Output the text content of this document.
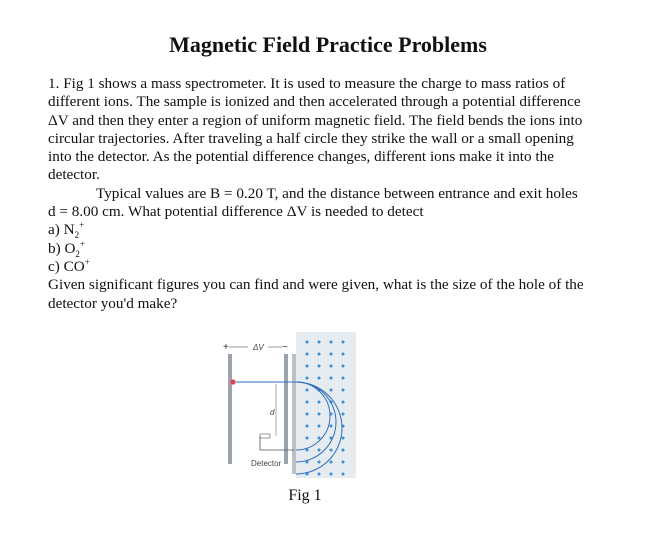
Magnetic Field Practice Problems
1. Fig 1 shows a mass spectrometer. It is used to measure the charge to mass ratios of
different ions. The sample is ionized and then accelerated through a potential difference
ΔV and then they enter a region of uniform magnetic field. The field bends the ions into
circular trajectories. After traveling a half circle they strike the wall or a small opening
into the detector. As the potential difference changes, different ions make it into the
detector.
Typical values are B = 0.20 T, and the distance between entrance and exit holes
d = 8.00 cm. What potential difference ΔV is needed to detect
a) $N_2^+$
b) $O_2^+$
c) CO+
Given significant figures you can find and were given, what is the size of the hole of the
detector you'd make?
+	ΔV −
d
Detector
Fig 1
